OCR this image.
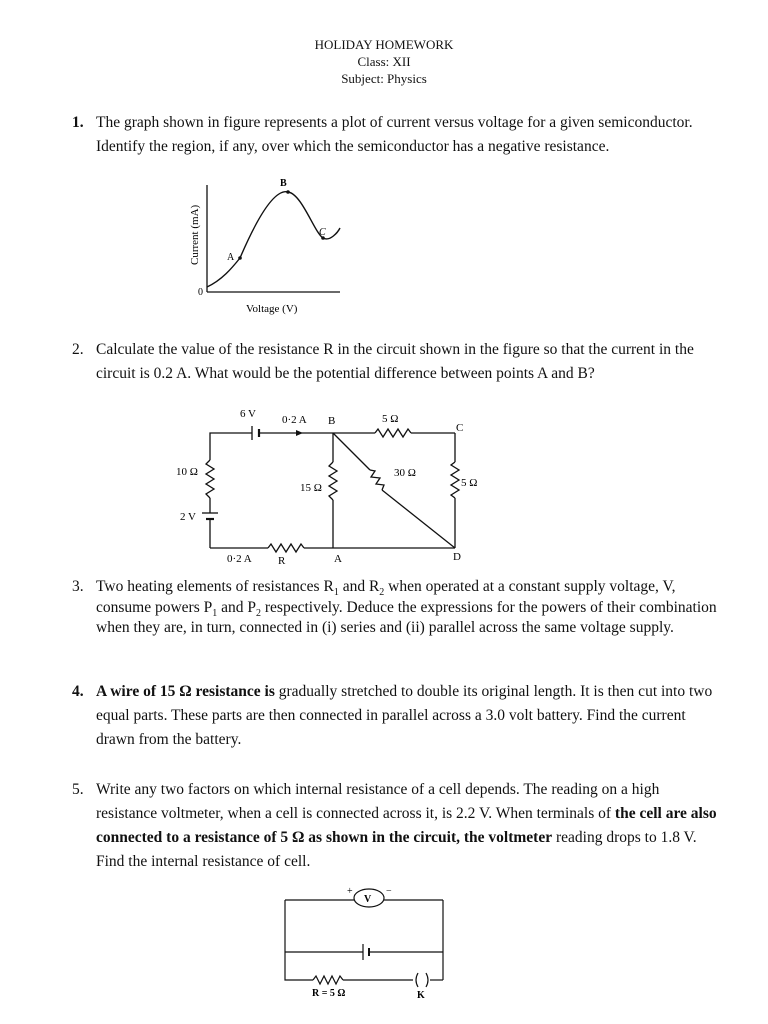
HOLIDAY HOMEWORK
Class: XII
Subject: Physics
1. The graph shown in figure represents a plot of current versus voltage for a given semiconductor. Identify the region, if any, over which the semiconductor has a negative resistance.
A
B
C
0
Voltage (V)
Current (mA)
2. Calculate the value of the resistance R in the circuit shown in the figure so that the current in the circuit is 0.2 A. What would be the potential difference between points A and B?
6 V 0·2 A B	5 Ω
C
10 Ω
15 Ω
30 Ω
5 Ω
2 V
0·2 A R	A	D
3. Two heating elements of resistances $R_1$ and $R_2$ when operated at a constant supply voltage, V, consume powers $P_1$ and $P_2$ respectively. Deduce the expressions for the powers of their combination when they are, in turn, connected in (i) series and (ii) parallel across the same voltage supply.
4. A wire of 15 Ω resistance is gradually stretched to double its original length. It is then cut into two equal parts. These parts are then connected in parallel across a 3.0 volt battery. Find the current drawn from the battery.
5. Write any two factors on which internal resistance of a cell depends. The reading on a high resistance voltmeter, when a cell is connected across it, is 2.2 V. When terminals of the cell are also connected to a resistance of 5 Ω as shown in the circuit, the voltmeter reading drops to 1.8 V. Find the internal resistance of cell.
V
+	−
R = 5 Ω	K
